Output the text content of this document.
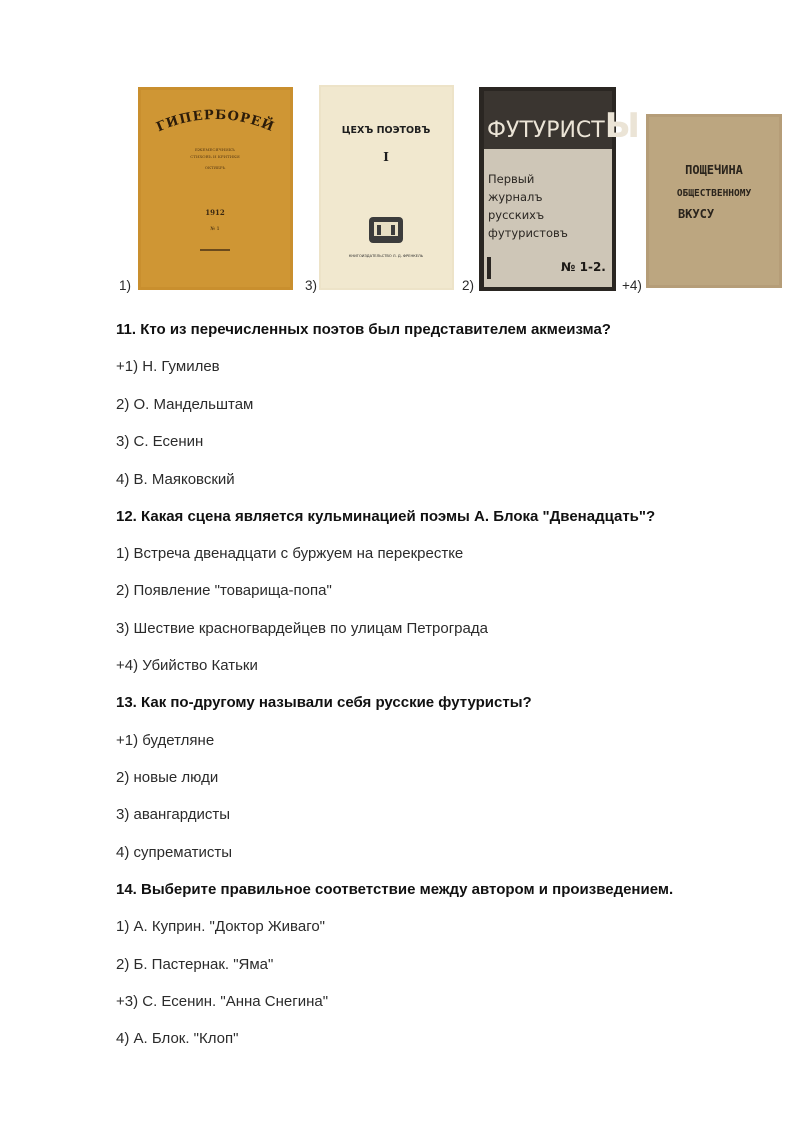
1)
ГИПЕРБОРЕЙ
ЕЖЕМЕСЯЧНИКЪ
СТИХОВЪ И КРИТИКИ
ОКТЯБРЬ
1912
№ 1
3)
ЦЕХЪ ПОЭТОВЪ
I
КНИГОИЗДАТЕЛЬСТВО Л. Д. ФРЕНКЕЛЬ
2)
ФУТУРИСТЫ
Первый
журналъ
русскихъ
футуристовъ
№ 1-2.
+4)
ПОЩЕЧИНА
ОБЩЕСТВЕННОМУ
ВКУСУ
11. Кто из перечисленных поэтов был представителем акмеизма?
+1) Н. Гумилев
2) О. Мандельштам
3) С. Есенин
4) В. Маяковский
12. Какая сцена является кульминацией поэмы А. Блока "Двенадцать"?
1) Встреча двенадцати с буржуем на перекрестке
2) Появление "товарища-попа"
3) Шествие красногвардейцев по улицам Петрограда
+4) Убийство Катьки
13. Как по-другому называли себя русские футуристы?
+1) будетляне
2) новые люди
3) авангардисты
4) супрематисты
14. Выберите правильное соответствие между автором и произведением.
1) А. Куприн. "Доктор Живаго"
2) Б. Пастернак. "Яма"
+3) С. Есенин. "Анна Снегина"
4) А. Блок. "Клоп"
